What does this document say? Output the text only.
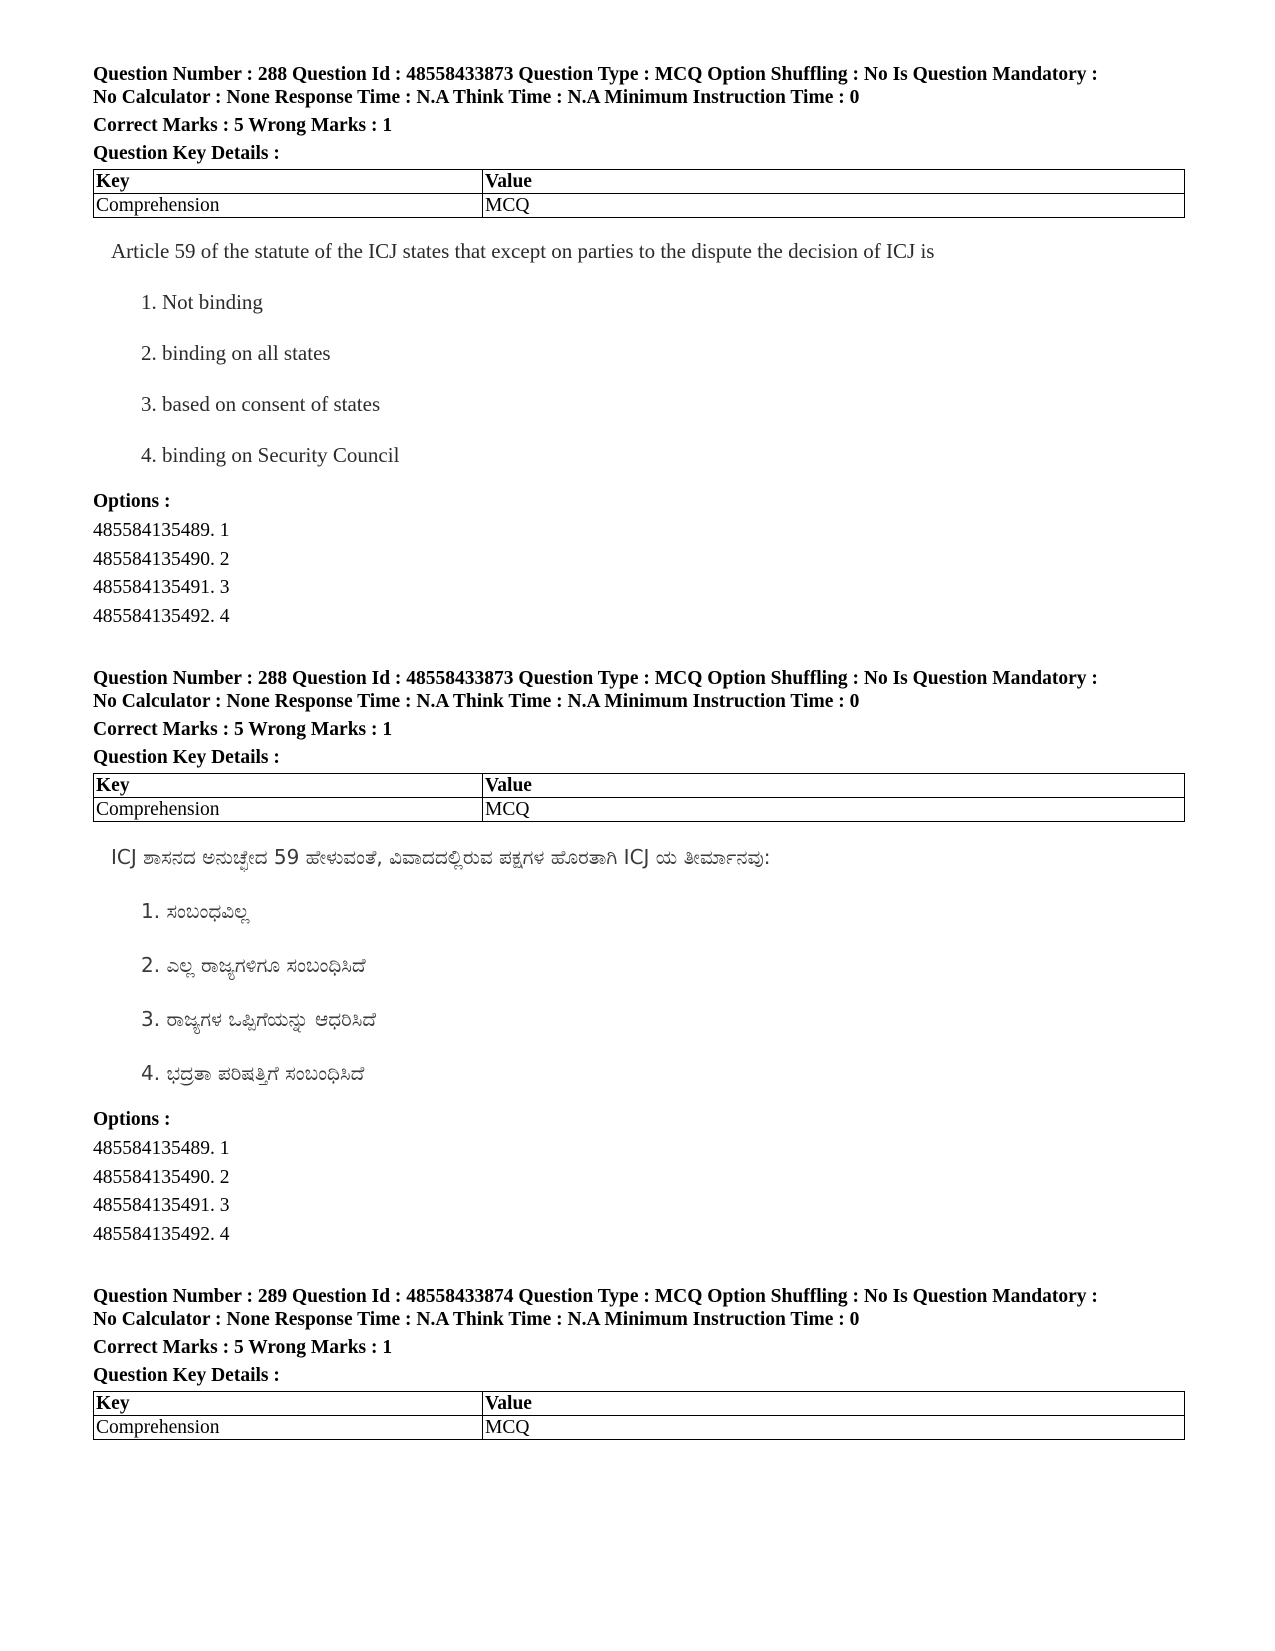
Question Number : 288 Question Id : 48558433873 Question Type : MCQ Option Shuffling : No Is Question Mandatory :
No Calculator : None Response Time : N.A Think Time : N.A Minimum Instruction Time : 0
Correct Marks : 5 Wrong Marks : 1
Question Key Details :
Key	Value
Comprehension	MCQ
Article 59 of the statute of the ICJ states that except on parties to the dispute the decision of ICJ is
1. Not binding
2. binding on all states
3. based on consent of states
4. binding on Security Council
Options :
485584135489. 1
485584135490. 2
485584135491. 3
485584135492. 4
Question Number : 288 Question Id : 48558433873 Question Type : MCQ Option Shuffling : No Is Question Mandatory :
No Calculator : None Response Time : N.A Think Time : N.A Minimum Instruction Time : 0
Correct Marks : 5 Wrong Marks : 1
Question Key Details :
Key	Value
Comprehension	MCQ
ICJ ಶಾಸನದ ಅನುಚ್ಛೇದ 59 ಹೇಳುವಂತೆ, ವಿವಾದದಲ್ಲಿರುವ ಪಕ್ಷಗಳ ಹೊರತಾಗಿ ICJ ಯ ತೀರ್ಮಾನವು:
1. ಸಂಬಂಧವಿಲ್ಲ
2. ಎಲ್ಲ ರಾಜ್ಯಗಳಿಗೂ ಸಂಬಂಧಿಸಿದೆ
3. ರಾಜ್ಯಗಳ ಒಪ್ಪಿಗೆಯನ್ನು ಆಧರಿಸಿದೆ
4. ಭದ್ರತಾ ಪರಿಷತ್ತಿಗೆ ಸಂಬಂಧಿಸಿದೆ
Options :
485584135489. 1
485584135490. 2
485584135491. 3
485584135492. 4
Question Number : 289 Question Id : 48558433874 Question Type : MCQ Option Shuffling : No Is Question Mandatory :
No Calculator : None Response Time : N.A Think Time : N.A Minimum Instruction Time : 0
Correct Marks : 5 Wrong Marks : 1
Question Key Details :
Key	Value
Comprehension	MCQ
